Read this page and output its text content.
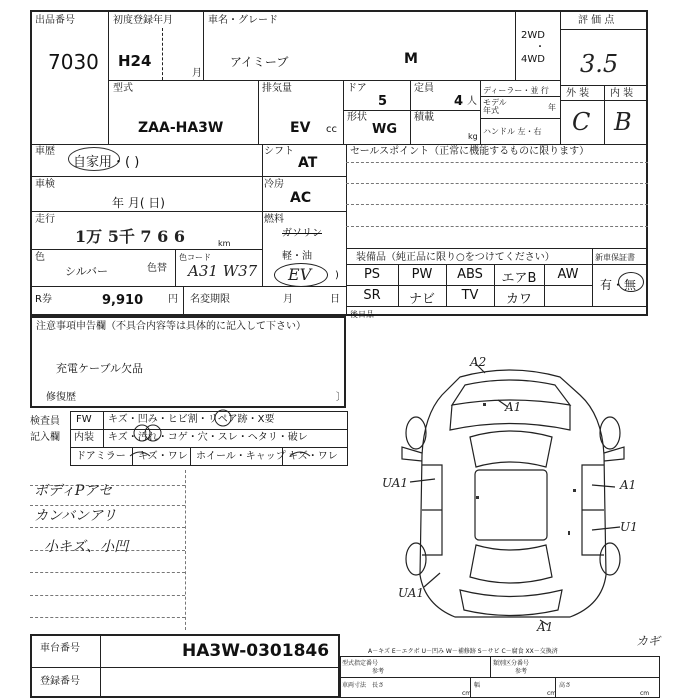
出品番号
7030
初度登録年月
H24
月
車名・グレード
アイミーブ	M
2WD
・
4WD
評 価 点
3.5
外 装 内 装
C B
型式
ZAA-HA3W
排気量
EV cc
ドア
5
定員
4 人
形状
WG
積載
kg
ディーラー・並 行
モデル
年式	年
ハンドル 左・右
車歴
自家用・( )
車検
年 月( 日)
走行
1万 5千 7 6 6	km
色
シルバー	色替
色コード
A31 W37
R券	9,910 円 名変期限	月	日
シフト
AT
冷房
AC
燃料
ガソリン
軽・油
EV )
セールスポイント（正常に機能するものに限ります）
装備品（純正品に限り○をつけてください）	新車保証書
PS	PW	ABS	エアB	AW
SR	ナビ	TV	カワ
有・無
後日品
注意事項申告欄（不具合内容等は具体的に記入して下さい）
充電ケーブル欠品
修復歴	〕
検査員
記入欄
FW キズ・凹み・ヒビ割・リペア跡・X要
内装 キズ・汚れ・コゲ・穴・スレ・ヘタリ・破レ
ドアミラー キズ・ワレ ホイール・キャップ キズ・ワレ
ボディPアセ
カンバンアリ
小キズ、小凹
A2
A1
UA1	A1
U1
UA1
A1
カギ
A－キズ E－エクボ U－凹み W－補修跡 S－サビ C－腐食 XX－交換済
車台番号	HA3W-0301846
登録番号
型式指定番号
参考
類別区分番号
参考
車両寸法 長さ
cm
幅
cm
高さ
cm
